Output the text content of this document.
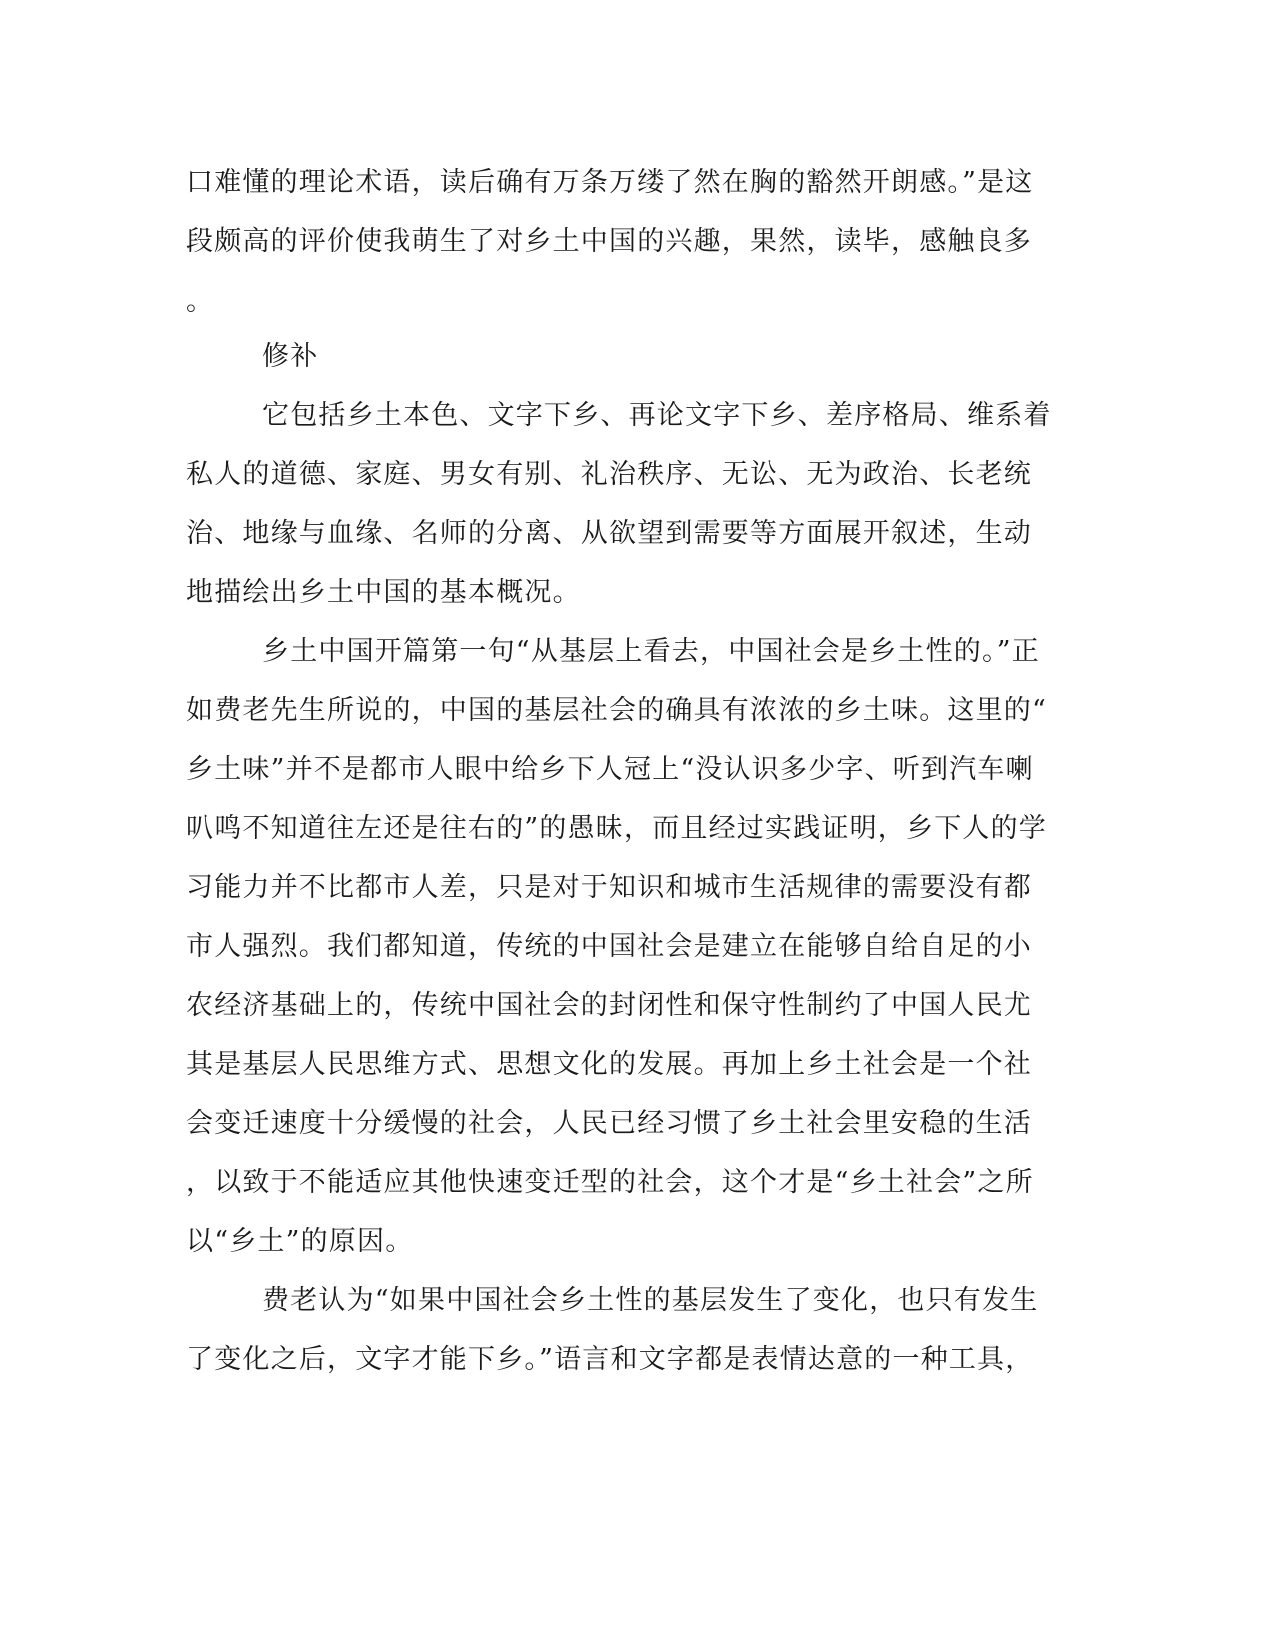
口难懂的理论术语，读后确有万条万缕了然在胸的豁然开朗感。”是这
段颇高的评价使我萌生了对乡土中国的兴趣，果然，读毕，感触良多
。
修补
它包括乡土本色、文字下乡、再论文字下乡、差序格局、维系着
私人的道德、家庭、男女有别、礼治秩序、无讼、无为政治、长老统
治、地缘与血缘、名师的分离、从欲望到需要等方面展开叙述，生动
地描绘出乡土中国的基本概况。
乡土中国开篇第一句“从基层上看去，中国社会是乡土性的。”正
如费老先生所说的，中国的基层社会的确具有浓浓的乡土味。这里的“
乡土味”并不是都市人眼中给乡下人冠上“没认识多少字、听到汽车喇
叭鸣不知道往左还是往右的”的愚昧，而且经过实践证明，乡下人的学
习能力并不比都市人差，只是对于知识和城市生活规律的需要没有都
市人强烈。我们都知道，传统的中国社会是建立在能够自给自足的小
农经济基础上的，传统中国社会的封闭性和保守性制约了中国人民尤
其是基层人民思维方式、思想文化的发展。再加上乡土社会是一个社
会变迁速度十分缓慢的社会，人民已经习惯了乡土社会里安稳的生活
，以致于不能适应其他快速变迁型的社会，这个才是“乡土社会”之所
以“乡土”的原因。
费老认为“如果中国社会乡土性的基层发生了变化，也只有发生
了变化之后，文字才能下乡。”语言和文字都是表情达意的一种工具，
